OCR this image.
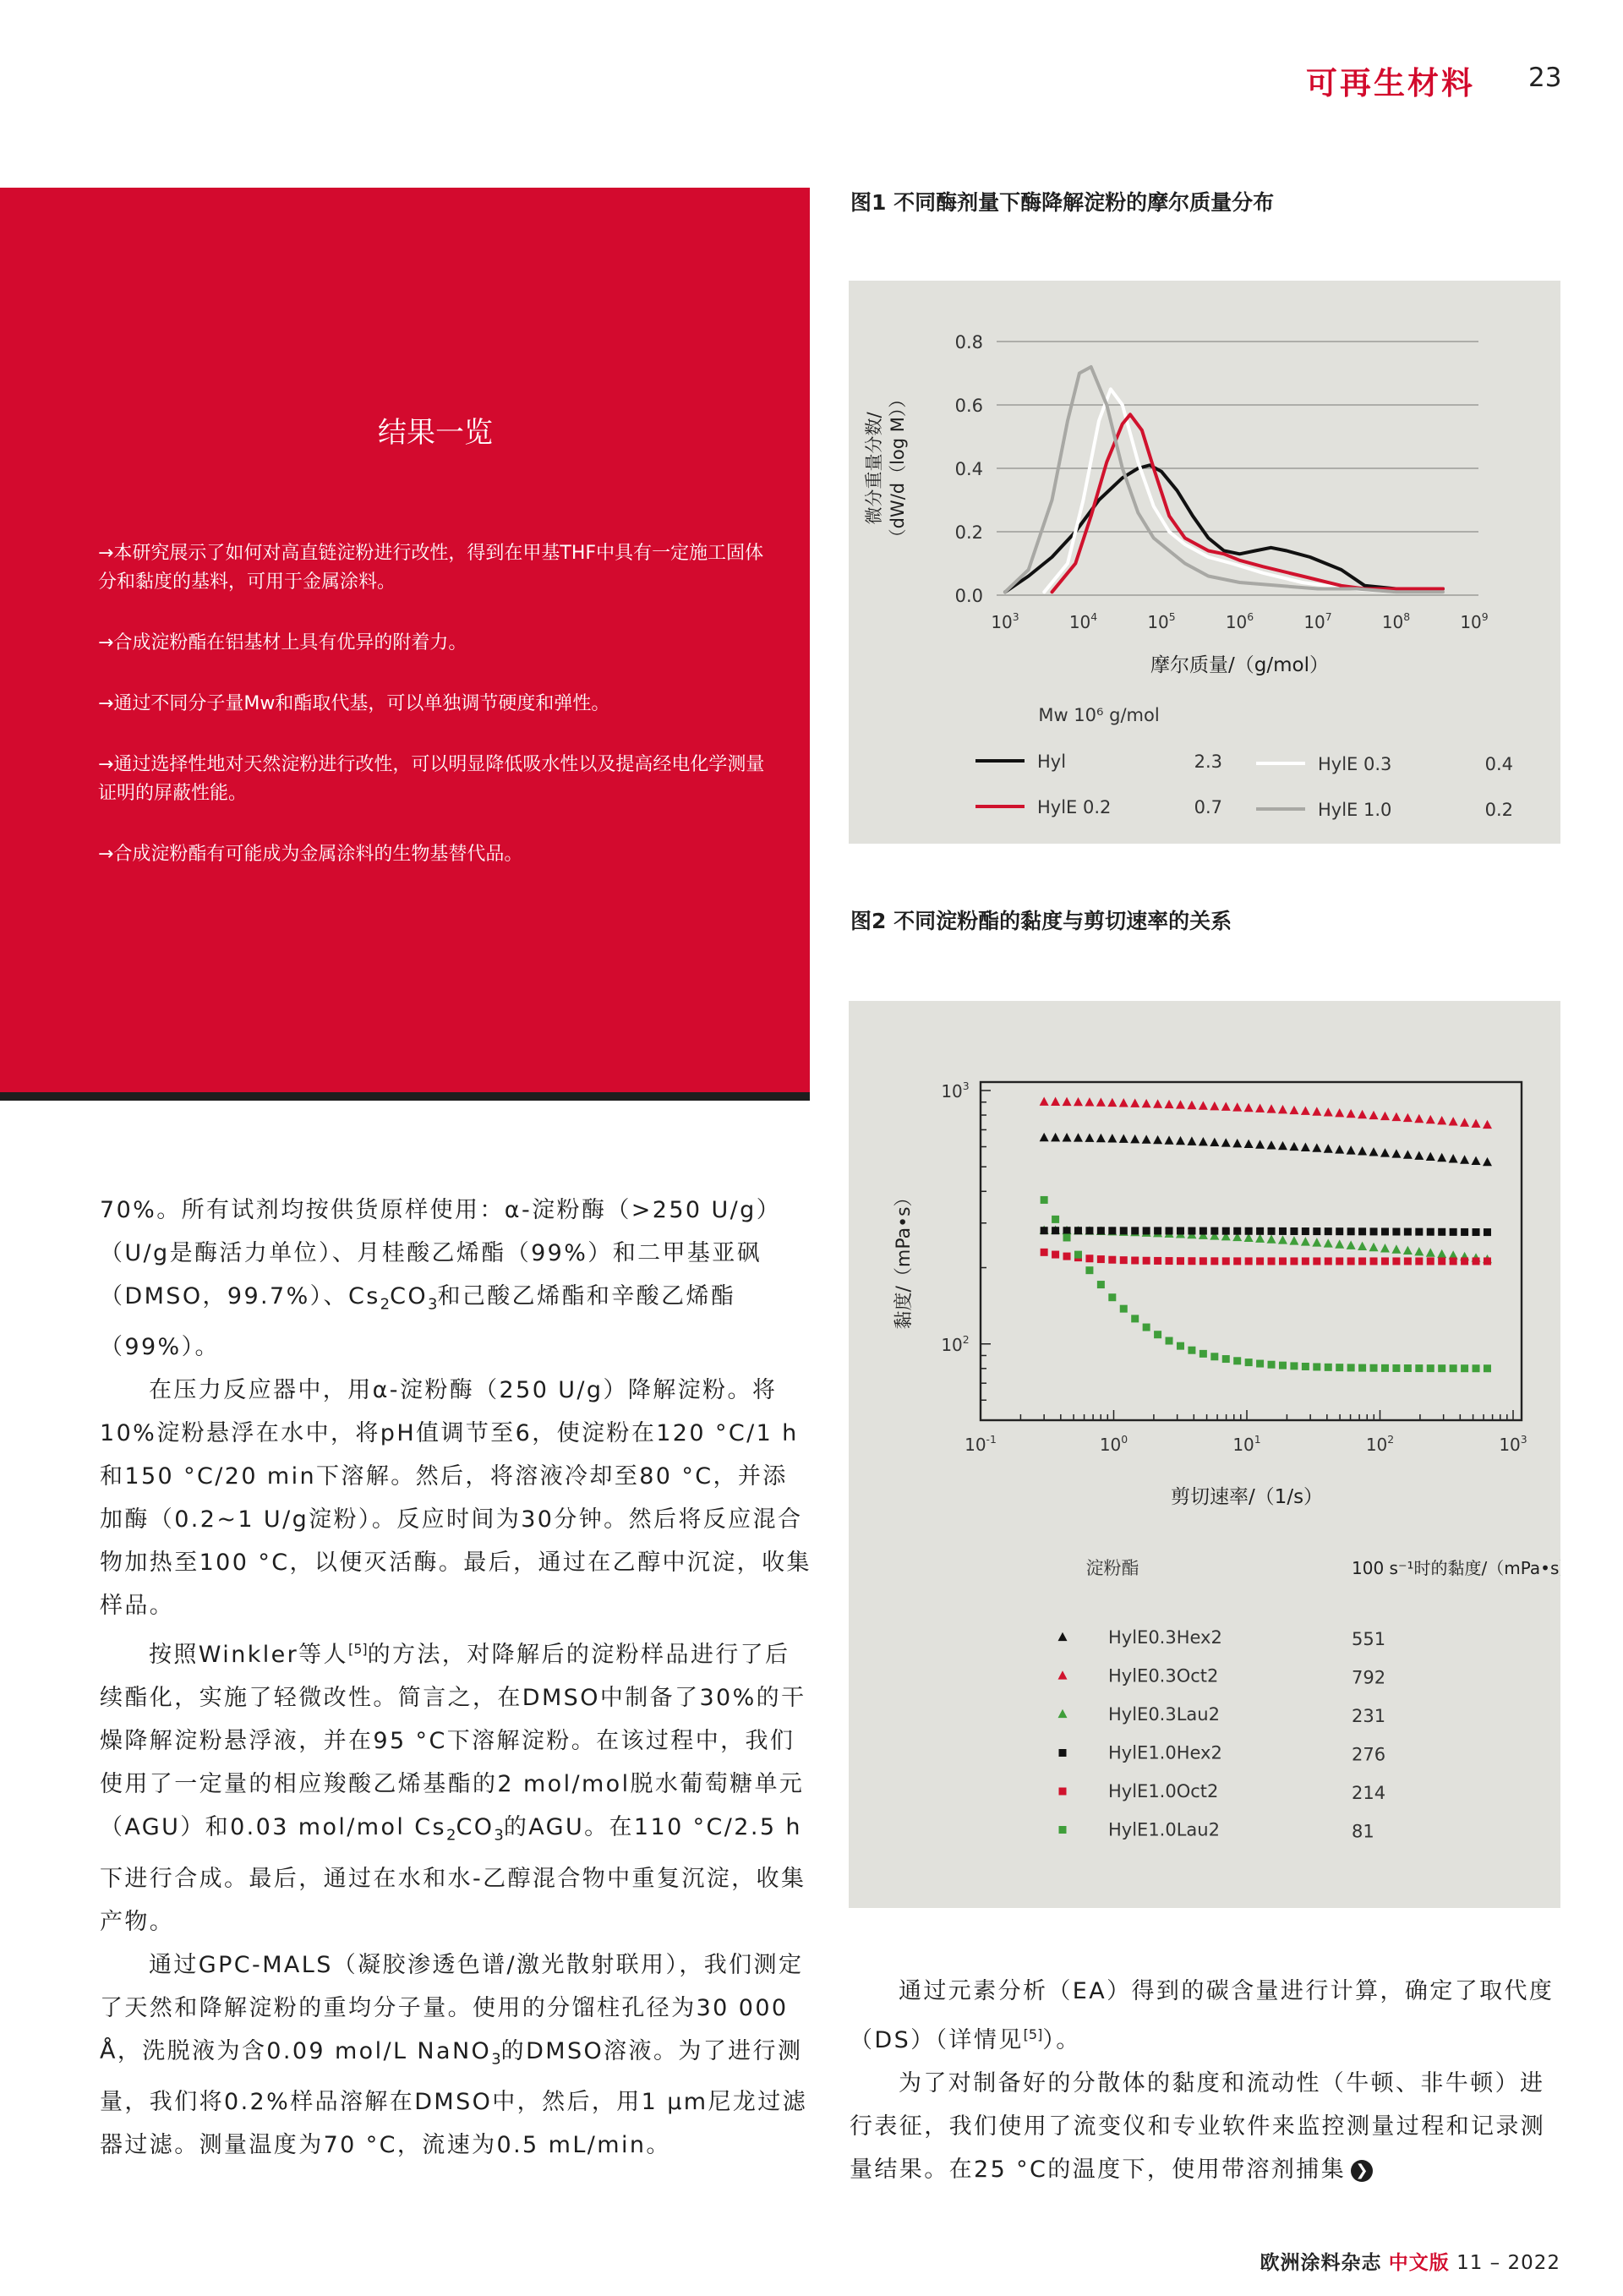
可再生材料 23
结果一览
→本研究展示了如何对高直链淀粉进行改性，得到在甲基THF中具有一定施工固体分和黏度的基料，可用于金属涂料。
→合成淀粉酯在铝基材上具有优异的附着力。
→通过不同分子量Mw和酯取代基，可以单独调节硬度和弹性。
→通过选择性地对天然淀粉进行改性，可以明显降低吸水性以及提高经电化学测量证明的屏蔽性能。
→合成淀粉酯有可能成为金属涂料的生物基替代品。
图1 不同酶剂量下酶降解淀粉的摩尔质量分布
0.0
0.2
0.4
0.6
0.8
$10^3$	$10^4$	$10^5$	$10^6$	$10^7$	$10^8$	$10^9$
摩尔质量/（g/mol）
微分重量分数/ （dW/d（log M））
Mw 10⁶ g/mol
Hyl	2.3	HylE 0.3	0.4
HylE 0.2	0.7	HylE 1.0	0.2
图2 不同淀粉酯的黏度与剪切速率的关系
$10^{-1}$	$10^0$	$10^1$	$10^2$	$10^3$
$10^2$
$10^3$
剪切速率/（1/s）
黏度/（mPa•s）
淀粉酯	100 s⁻¹时的黏度/（mPa•s）
HylE0.3Hex2	551
HylE0.3Oct2	792
HylE0.3Lau2	231
HylE1.0Hex2	276
HylE1.0Oct2	214
HylE1.0Lau2	81

70%。所有试剂均按供货原样使用：α-淀粉酶（>250 U/g）（U/g是酶活力单位）、月桂酸乙烯酯（99%）和二甲基亚砜（DMSO，99.7%）、$Cs_2CO_3$和己酸乙烯酯和辛酸乙烯酯（99%）。

在压力反应器中，用α-淀粉酶（250 U/g）降解淀粉。将10%淀粉悬浮在水中，将pH值调节至6，使淀粉在120 °C/1 h和150 °C/20 min下溶解。然后，将溶液冷却至80 °C，并添加酶（0.2~1 U/g淀粉）。反应时间为30分钟。然后将反应混合物加热至100 °C，以便灭活酶。最后，通过在乙醇中沉淀，收集样品。

按照Winkler等人[5]的方法，对降解后的淀粉样品进行了后续酯化，实施了轻微改性。简言之，在DMSO中制备了30%的干燥降解淀粉悬浮液，并在95 °C下溶解淀粉。在该过程中，我们使用了一定量的相应羧酸乙烯基酯的2 mol/mol脱水葡萄糖单元（AGU）和0.03 mol/mol $Cs_2CO_3$的AGU。在110 °C/2.5 h下进行合成。最后，通过在水和水-乙醇混合物中重复沉淀，收集产物。

通过GPC-MALS（凝胶渗透色谱/激光散射联用），我们测定了天然和降解淀粉的重均分子量。使用的分馏柱孔径为30 000 Å，洗脱液为含0.09 mol/L NaNO$_3$的DMSO溶液。为了进行测量，我们将0.2%样品溶解在DMSO中，然后，用1 µm尼龙过滤器过滤。测量温度为70 °C，流速为0.5 mL/min。

通过元素分析（EA）得到的碳含量进行计算，确定了取代度（DS）（详情见[5]）。

为了对制备好的分散体的黏度和流动性（牛顿、非牛顿）进行表征，我们使用了流变仪和专业软件来监控测量过程和记录测量结果。在25 °C的温度下，使用带溶剂捕集 ❯

欧洲涂料杂志 中文版 11 – 2022
